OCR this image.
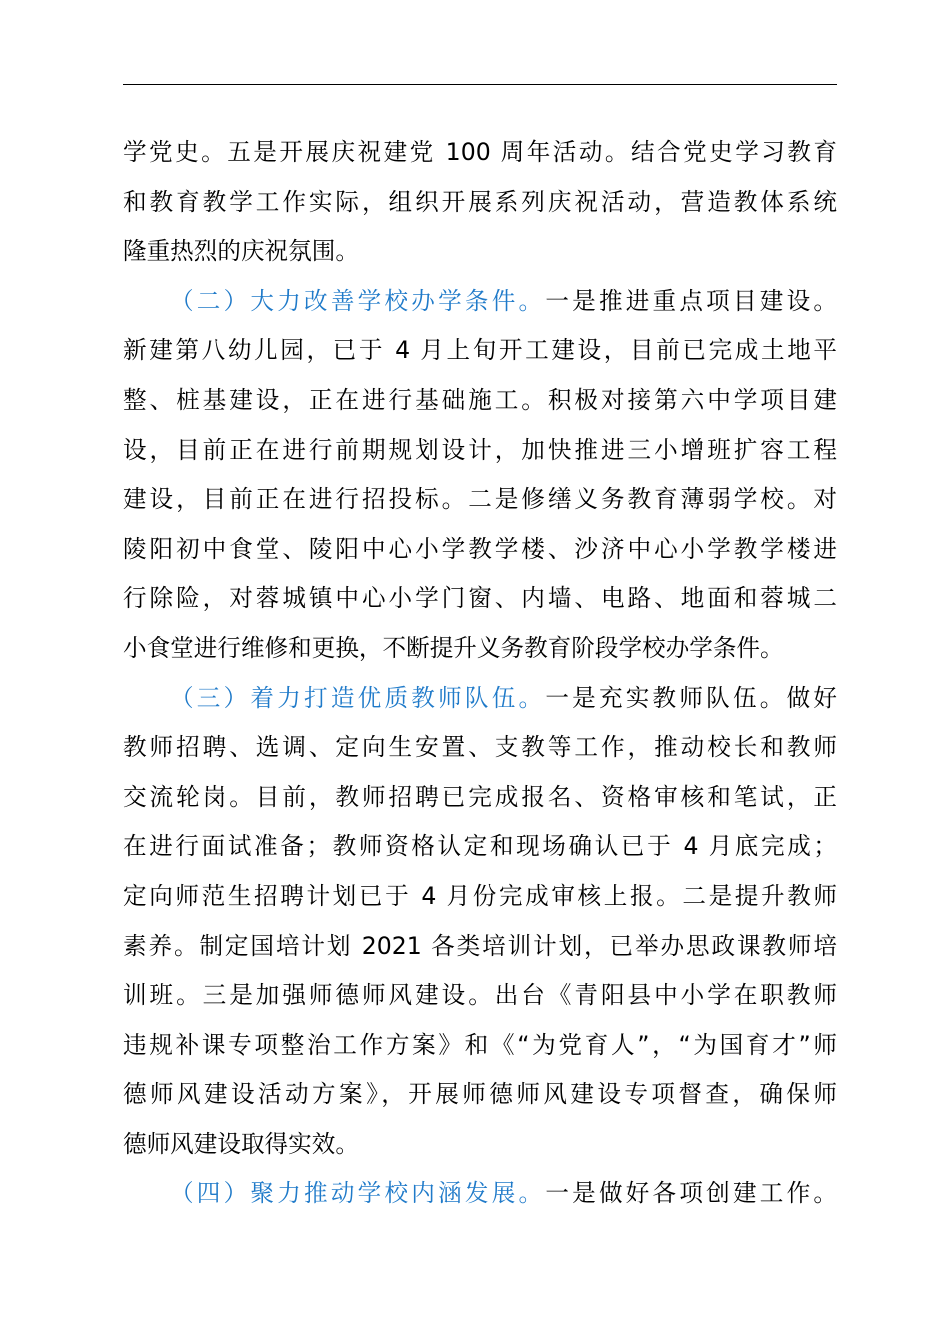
学党史。五是开展庆祝建党 100 周年活动。结合党史学习教育
和教育教学工作实际，组织开展系列庆祝活动，营造教体系统
隆重热烈的庆祝氛围。
（二）大力改善学校办学条件。一是推进重点项目建设。
新建第八幼儿园，已于 4 月上旬开工建设，目前已完成土地平
整、桩基建设，正在进行基础施工。积极对接第六中学项目建
设，目前正在进行前期规划设计，加快推进三小增班扩容工程
建设，目前正在进行招投标。二是修缮义务教育薄弱学校。对
陵阳初中食堂、陵阳中心小学教学楼、沙济中心小学教学楼进
行除险，对蓉城镇中心小学门窗、内墙、电路、地面和蓉城二
小食堂进行维修和更换，不断提升义务教育阶段学校办学条件。
（三）着力打造优质教师队伍。一是充实教师队伍。做好
教师招聘、选调、定向生安置、支教等工作，推动校长和教师
交流轮岗。目前，教师招聘已完成报名、资格审核和笔试，正
在进行面试准备；教师资格认定和现场确认已于 4 月底完成；
定向师范生招聘计划已于 4 月份完成审核上报。二是提升教师
素养。制定国培计划 2021 各类培训计划，已举办思政课教师培
训班。三是加强师德师风建设。出台《青阳县中小学在职教师
违规补课专项整治工作方案》和《“为党育人”，“为国育才”师
德师风建设活动方案》，开展师德师风建设专项督查，确保师
德师风建设取得实效。
（四）聚力推动学校内涵发展。一是做好各项创建工作。
